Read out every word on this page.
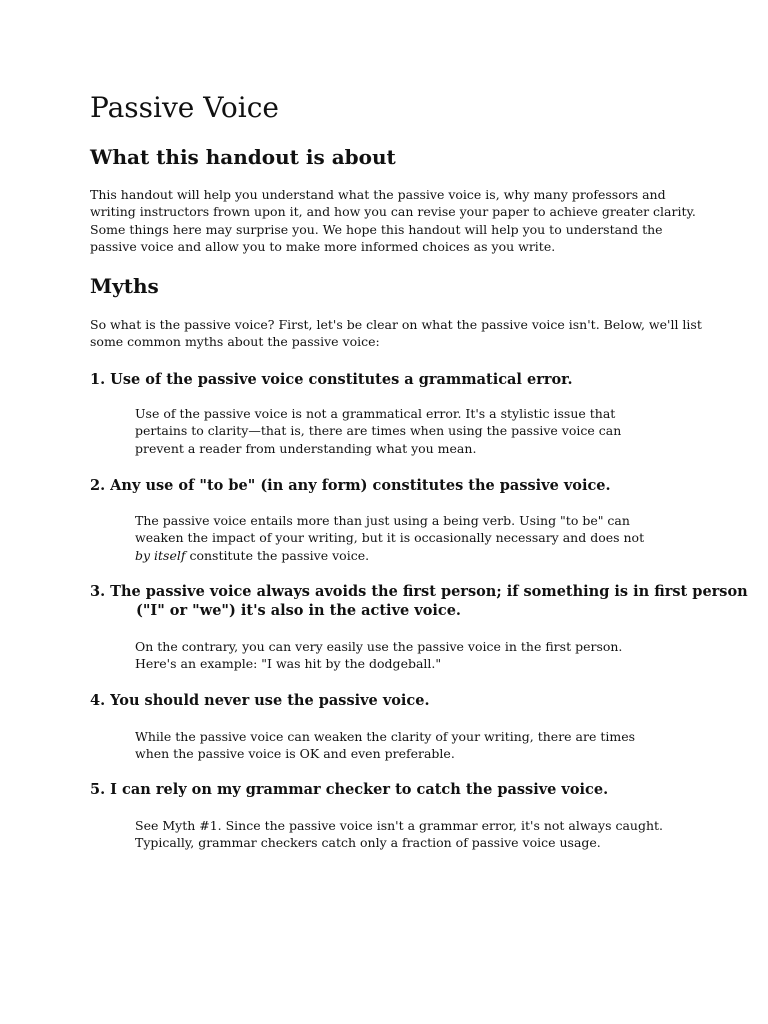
Passive Voice
What this handout is about

This handout will help you understand what the passive voice is, why many professors and
writing instructors frown upon it, and how you can revise your paper to achieve greater clarity.
Some things here may surprise you. We hope this handout will help you to understand the
passive voice and allow you to make more informed choices as you write.

Myths

So what is the passive voice? First, let's be clear on what the passive voice isn't. Below, we'll list
some common myths about the passive voice:

1. Use of the passive voice constitutes a grammatical error.

Use of the passive voice is not a grammatical error. It's a stylistic issue that
pertains to clarity—that is, there are times when using the passive voice can
prevent a reader from understanding what you mean.

2. Any use of "to be" (in any form) constitutes the passive voice.

The passive voice entails more than just using a being verb. Using "to be" can
weaken the impact of your writing, but it is occasionally necessary and does not
by itself constitute the passive voice.

3. The passive voice always avoids the first person; if something is in first person
("I" or "we") it's also in the active voice.

On the contrary, you can very easily use the passive voice in the first person.
Here's an example: "I was hit by the dodgeball."

4. You should never use the passive voice.

While the passive voice can weaken the clarity of your writing, there are times
when the passive voice is OK and even preferable.

5. I can rely on my grammar checker to catch the passive voice.

See Myth #1. Since the passive voice isn't a grammar error, it's not always caught.
Typically, grammar checkers catch only a fraction of passive voice usage.
